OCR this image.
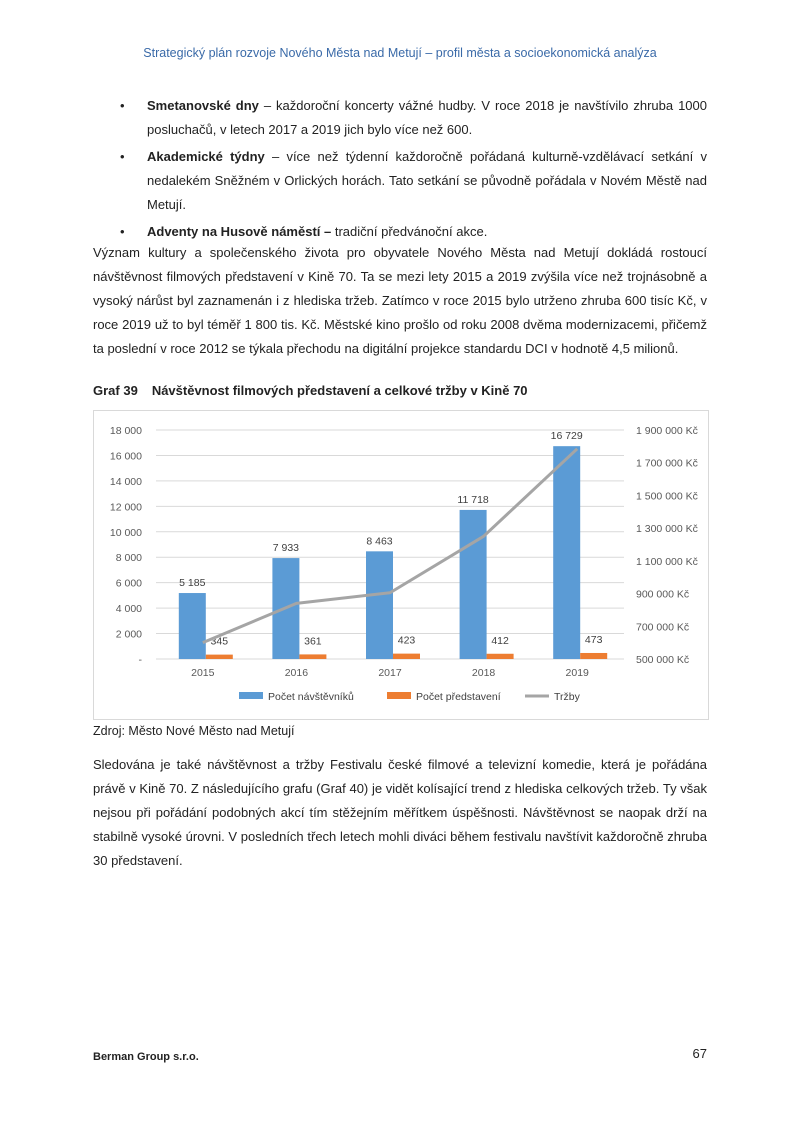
Strategický plán rozvoje Nového Města nad Metují – profil města a socioekonomická analýza
• Smetanovské dny – každoroční koncerty vážné hudby. V roce 2018 je navštívilo zhruba 1000 posluchačů, v letech 2017 a 2019 jich bylo více než 600.
• Akademické týdny – více než týdenní každoročně pořádaná kulturně-vzdělávací setkání v nedalekém Sněžném v Orlických horách. Tato setkání se původně pořádala v Novém Městě nad Metují.
• Adventy na Husově náměstí – tradiční předvánoční akce.
Význam kultury a společenského života pro obyvatele Nového Města nad Metují dokládá rostoucí návštěvnost filmových představení v Kině 70. Ta se mezi lety 2015 a 2019 zvýšila více než trojnásobně a vysoký nárůst byl zaznamenán i z hlediska tržeb. Zatímco v roce 2015 bylo utrženo zhruba 600 tisíc Kč, v roce 2019 už to byl téměř 1 800 tis. Kč. Městské kino prošlo od roku 2008 dvěma modernizacemi, přičemž ta poslední v roce 2012 se týkala přechodu na digitální projekce standardu DCI v hodnotě 4,5 milionů.
Graf 39 Návštěvnost filmových představení a celkové tržby v Kině 70
-
2 000
4 000
6 000
8 000
10 000
12 000
14 000
16 000
18 000
500 000 Kč
700 000 Kč
900 000 Kč
1 100 000 Kč
1 300 000 Kč
1 500 000 Kč
1 700 000 Kč
1 900 000 Kč
5 185
345
2015
7 933
361
2016
8 463
423
2017
11 718
412
2018
16 729
473
2019
Počet návštěvníků	Počet představení	Tržby
Zdroj: Město Nové Město nad Metují
Sledována je také návštěvnost a tržby Festivalu české filmové a televizní komedie, která je pořádána právě v Kině 70. Z následujícího grafu (Graf 40) je vidět kolísající trend z hlediska celkových tržeb. Ty však nejsou při pořádání podobných akcí tím stěžejním měřítkem úspěšnosti. Návštěvnost se naopak drží na stabilně vysoké úrovni. V posledních třech letech mohli diváci během festivalu navštívit každoročně zhruba 30 představení.
Berman Group s.r.o.	67
